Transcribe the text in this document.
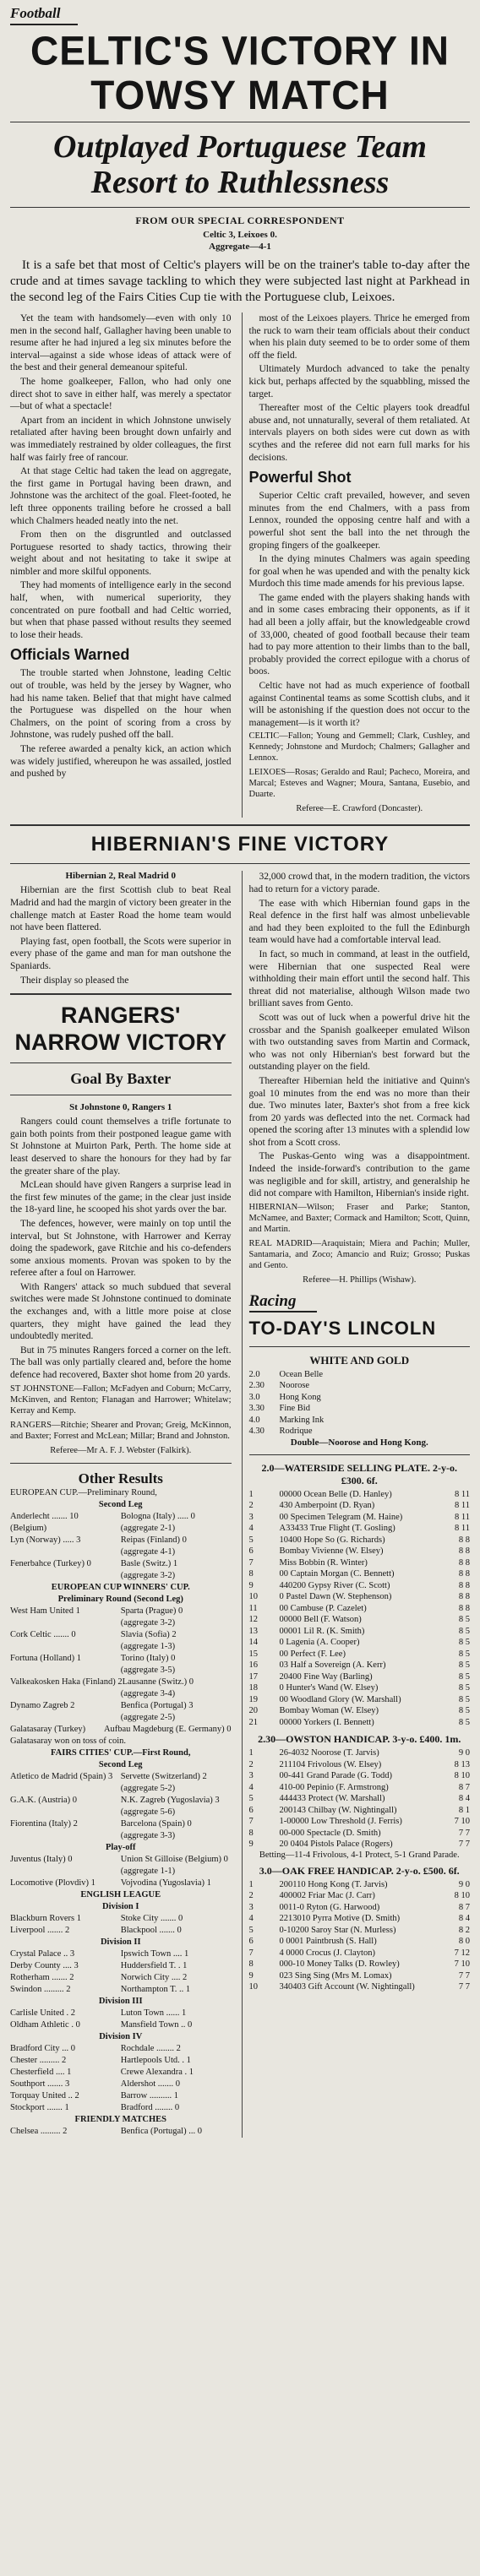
Football
CELTIC'S VICTORY IN TOWSY MATCH
Outplayed Portuguese Team Resort to Ruthlessness
FROM OUR SPECIAL CORRESPONDENT
Celtic 3, Leixoes 0.
Aggregate—4-1

It is a safe bet that most of Celtic's players will be on the trainer's table to-day after the crude and at times savage tackling to which they were subjected last night at Parkhead in the second leg of the Fairs Cities Cup tie with the Portuguese club, Leixoes.

Yet the team with handsomely—even with only 10 men in the second half, Gallagher having been unable to resume after he had injured a leg six minutes before the interval—against a side whose ideas of attack were of the best and their general demeanour spiteful.

The home goalkeeper, Fallon, who had only one direct shot to save in either half, was merely a spectator—but of what a spectacle!

Apart from an incident in which Johnstone unwisely retaliated after having been brought down unfairly and was immediately restrained by older colleagues, the first half was fairly free of rancour.

At that stage Celtic had taken the lead on aggregate, the first game in Portugal having been drawn, and Johnstone was the architect of the goal. Fleet-footed, he left three opponents trailing before he crossed a ball which Chalmers headed neatly into the net.

From then on the disgruntled and outclassed Portuguese resorted to shady tactics, throwing their weight about and not hesitating to take it swipe at nimbler and more skilful opponents.

They had moments of intelligence early in the second half, when, with numerical superiority, they concentrated on pure football and had Celtic worried, but when that phase passed without results they seemed to lose their heads.

Officials Warned

The trouble started when Johnstone, leading Celtic out of trouble, was held by the jersey by Wagner, who had his name taken. Belief that that might have calmed the Portuguese was dispelled on the hour when Chalmers, on the point of scoring from a cross by Johnstone, was rudely pushed off the ball.

The referee awarded a penalty kick, an action which was widely justified, whereupon he was assailed, jostled and pushed by

most of the Leixoes players. Thrice he emerged from the ruck to warn their team officials about their conduct when his plain duty seemed to be to order some of them off the field.

Ultimately Murdoch advanced to take the penalty kick but, perhaps affected by the squabbling, missed the target.

Thereafter most of the Celtic players took dreadful abuse and, not unnaturally, several of them retaliated. At intervals players on both sides were cut down as with scythes and the referee did not earn full marks for his decisions.

Powerful Shot

Superior Celtic craft prevailed, however, and seven minutes from the end Chalmers, with a pass from Lennox, rounded the opposing centre half and with a powerful shot sent the ball into the net through the groping fingers of the goalkeeper.

In the dying minutes Chalmers was again speeding for goal when he was upended and with the penalty kick Murdoch this time made amends for his previous lapse.

The game ended with the players shaking hands with and in some cases embracing their opponents, as if it had all been a jolly affair, but the knowledgeable crowd of 33,000, cheated of good football because their team had to pay more attention to their limbs than to the ball, probably provided the correct epilogue with a chorus of boos.

Celtic have not had as much experience of football against Continental teams as some Scottish clubs, and it will be astonishing if the question does not occur to the management—is it worth it?

CELTIC—Fallon; Young and Gemmell; Clark, Cushley, and Kennedy; Johnstone and Murdoch; Chalmers; Gallagher and Lennox.

LEIXOES—Rosas; Geraldo and Raul; Pacheco, Moreira, and Marcal; Esteves and Wagner; Moura, Santana, Eusebio, and Duarte.

Referee—E. Crawford (Doncaster).

HIBERNIAN'S FINE VICTORY
Hibernian 2, Real Madrid 0

Hibernian are the first Scottish club to beat Real Madrid and had the margin of victory been greater in the challenge match at Easter Road the home team would not have been flattered.

Playing fast, open football, the Scots were superior in every phase of the game and man for man outshone the Spaniards.

Their display so pleased the

RANGERS' NARROW VICTORY
Goal By Baxter
St Johnstone 0, Rangers 1

Rangers could count themselves a trifle fortunate to gain both points from their postponed league game with St Johnstone at Muirton Park, Perth. The home side at least deserved to share the honours for they had by far the greater share of the play.

McLean should have given Rangers a surprise lead in the first few minutes of the game; in the clear just inside the 18-yard line, he scooped his shot yards over the bar.

The defences, however, were mainly on top until the interval, but St Johnstone, with Harrower and Kerray doing the spadework, gave Ritchie and his co-defenders some anxious moments. Provan was spoken to by the referee after a foul on Harrower.

With Rangers' attack so much subdued that several switches were made St Johnstone continued to dominate the exchanges and, with a little more poise at close quarters, they might have gained the lead they undoubtedly merited.

But in 75 minutes Rangers forced a corner on the left. The ball was only partially cleared and, before the home defence had recovered, Baxter shot home from 20 yards.

ST JOHNSTONE—Fallon; McFadyen and Coburn; McCarry, McKinven, and Renton; Flanagan and Harrower; Whitelaw; Kerray and Kemp.

RANGERS—Ritchie; Shearer and Provan; Greig, McKinnon, and Baxter; Forrest and McLean; Millar; Brand and Johnston.

Referee—Mr A. F. J. Webster (Falkirk).

Other Results
EUROPEAN CUP.—Preliminary Round,
Second Leg
Anderlecht ....... 10	Bologna (Italy) ..... 0
(Belgium)	(aggregate 2-1)
Lyn (Norway) ..... 3	Reipas (Finland) 0
(aggregate 4-1)
Fenerbahce (Turkey) 0	Basle (Switz.) 1
(aggregate 3-2)
EUROPEAN CUP WINNERS' CUP.
Preliminary Round (Second Leg)
West Ham United 1	Sparta (Prague) 0
(aggregate 3-2)
Cork Celtic ....... 0	Slavia (Sofia) 2
(aggregate 1-3)
Fortuna (Holland) 1	Torino (Italy) 0
(aggregate 3-5)
Valkeakosken Haka (Finland) 2 Lausanne (Switz.) 0
(aggregate 3-4)
Dynamo Zagreb 2	Benfica (Portugal) 3
(aggregate 2-5)
Galatasaray (Turkey)	Aufbau Magdeburg (E. Germany) 0
Galatasaray won on toss of coin.
FAIRS CITIES' CUP.—First Round,
Second Leg
Atletico de Madrid (Spain) 3 Servette (Switzerland) 2
(aggregate 5-2)
G.A.K. (Austria) 0	N.K. Zagreb (Yugoslavia) 3
(aggregate 5-6)
Fiorentina (Italy) 2	Barcelona (Spain) 0
(aggregate 3-3)
Play-off
Juventus (Italy) 0	Union St Gilloise (Belgium) 0
(aggregate 1-1)
Locomotive (Plovdiv) 1	Vojvodina (Yugoslavia) 1
ENGLISH LEAGUE
Division I
Blackburn Rovers 1	Stoke City ....... 0
Liverpool ....... 2	Blackpool ....... 0
Division II
Crystal Palace .. 3	Ipswich Town .... 1
Derby County .... 3	Huddersfield T. . 1
Rotherham ....... 2	Norwich City .... 2
Swindon ......... 2	Northampton T. .. 1
Division III
Carlisle United . 2	Luton Town ...... 1
Oldham Athletic . 0	Mansfield Town .. 0
Division IV
Bradford City ... 0	Rochdale ........ 2
Chester ......... 2	Hartlepools Utd. . 1
Chesterfield .... 1	Crewe Alexandra . 1
Southport ....... 3	Aldershot ....... 0
Torquay United .. 2	Barrow .......... 1
Stockport ....... 1	Bradford ........ 0
FRIENDLY MATCHES
Chelsea ......... 2	Benfica (Portugal) ... 0

32,000 crowd that, in the modern tradition, the victors had to return for a victory parade.

The ease with which Hibernian found gaps in the Real defence in the first half was almost unbelievable and had they been exploited to the full the Edinburgh team would have had a comfortable interval lead.

In fact, so much in command, at least in the outfield, were Hibernian that one suspected Real were withholding their main effort until the second half. This threat did not materialise, although Wilson made two brilliant saves from Gento.

Scott was out of luck when a powerful drive hit the crossbar and the Spanish goalkeeper emulated Wilson with two outstanding saves from Martin and Cormack, who was not only Hibernian's best forward but the outstanding player on the field.

Thereafter Hibernian held the initiative and Quinn's goal 10 minutes from the end was no more than their due. Two minutes later, Baxter's shot from a free kick from 20 yards was deflected into the net. Cormack had opened the scoring after 13 minutes with a splendid low shot from a Scott cross.

The Puskas-Gento wing was a disappointment. Indeed the inside-forward's contribution to the game was negligible and for skill, artistry, and generalship he did not compare with Hamilton, Hibernian's inside right.

HIBERNIAN—Wilson; Fraser and Parke; Stanton, McNamee, and Baxter; Cormack and Hamilton; Scott, Quinn, and Martin.

REAL MADRID—Araquistain; Miera and Pachin; Muller, Santamaria, and Zoco; Amancio and Ruiz; Grosso; Puskas and Gento.

Referee—H. Phillips (Wishaw).

Racing
TO-DAY'S LINCOLN
WHITE AND GOLD
2.0	Ocean Belle
2.30	Noorose
3.0	Hong Kong
3.30	Fine Bid
4.0	Marking Ink
4.30	Rodrique
Double—Noorose and Hong Kong.
2.0—WATERSIDE SELLING PLATE. 2-y-o. £300. 6f.
1	00000 Ocean Belle (D. Hanley)	8 11
2	430 Amberpoint (D. Ryan)	8 11
3	00 Specimen Telegram (M. Haine)	8 11
4	A33433 True Flight (T. Gosling)	8 11
5	10400 Hope So (G. Richards)	8 8
6	Bombay Vivienne (W. Elsey)	8 8
7	Miss Bobbin (R. Winter)	8 8
8	00 Captain Morgan (C. Bennett)	8 8
9	440200 Gypsy River (C. Scott)	8 8
10	0 Pastel Dawn (W. Stephenson)	8 8
11	00 Cambuse (P. Cazelet)	8 8
12	00000 Bell (F. Watson)	8 5
13	00001 Lil R. (K. Smith)	8 5
14	0 Lagenia (A. Cooper)	8 5
15	00 Perfect (F. Lee)	8 5
16	03 Half a Sovereign (A. Kerr)	8 5
17	20400 Fine Way (Barling)	8 5
18	0 Hunter's Wand (W. Elsey)	8 5
19	00 Woodland Glory (W. Marshall)	8 5
20	Bombay Woman (W. Elsey)	8 5
21	00000 Yorkers (I. Bennett)	8 5
2.30—OWSTON HANDICAP. 3-y-o. £400. 1m.
1	26-4032 Noorose (T. Jarvis)	9 0
2	211104 Frivolous (W. Elsey)	8 13
3	00-441 Grand Parade (G. Todd)	8 10
4	410-00 Pepinio (F. Armstrong)	8 7
5	444433 Protect (W. Marshall)	8 4
6	200143 Chilbay (W. Nightingall)	8 1
7	1-00000 Low Threshold (J. Ferris)	7 10
8	00-000 Spectacle (D. Smith)	7 7
9	20 0404 Pistols Palace (Rogers)	7 7
Betting—11-4 Frivolous, 4-1 Protect, 5-1 Grand Parade.
3.0—OAK FREE HANDICAP. 2-y-o. £500. 6f.
1	200110 Hong Kong (T. Jarvis)	9 0
2	400002 Friar Mac (J. Carr)	8 10
3	0011-0 Ryton (G. Harwood)	8 7
4	2213010 Pyrra Motive (D. Smith)	8 4
5	0-10200 Saroy Star (N. Murless)	8 2
6	0 0001 Paintbrush (S. Hall)	8 0
7	4 0000 Crocus (J. Clayton)	7 12
8	000-10 Money Talks (D. Rowley)	7 10
9	023 Sing Sing (Mrs M. Lomax)	7 7
10	340403 Gift Account (W. Nightingall)	7 7
